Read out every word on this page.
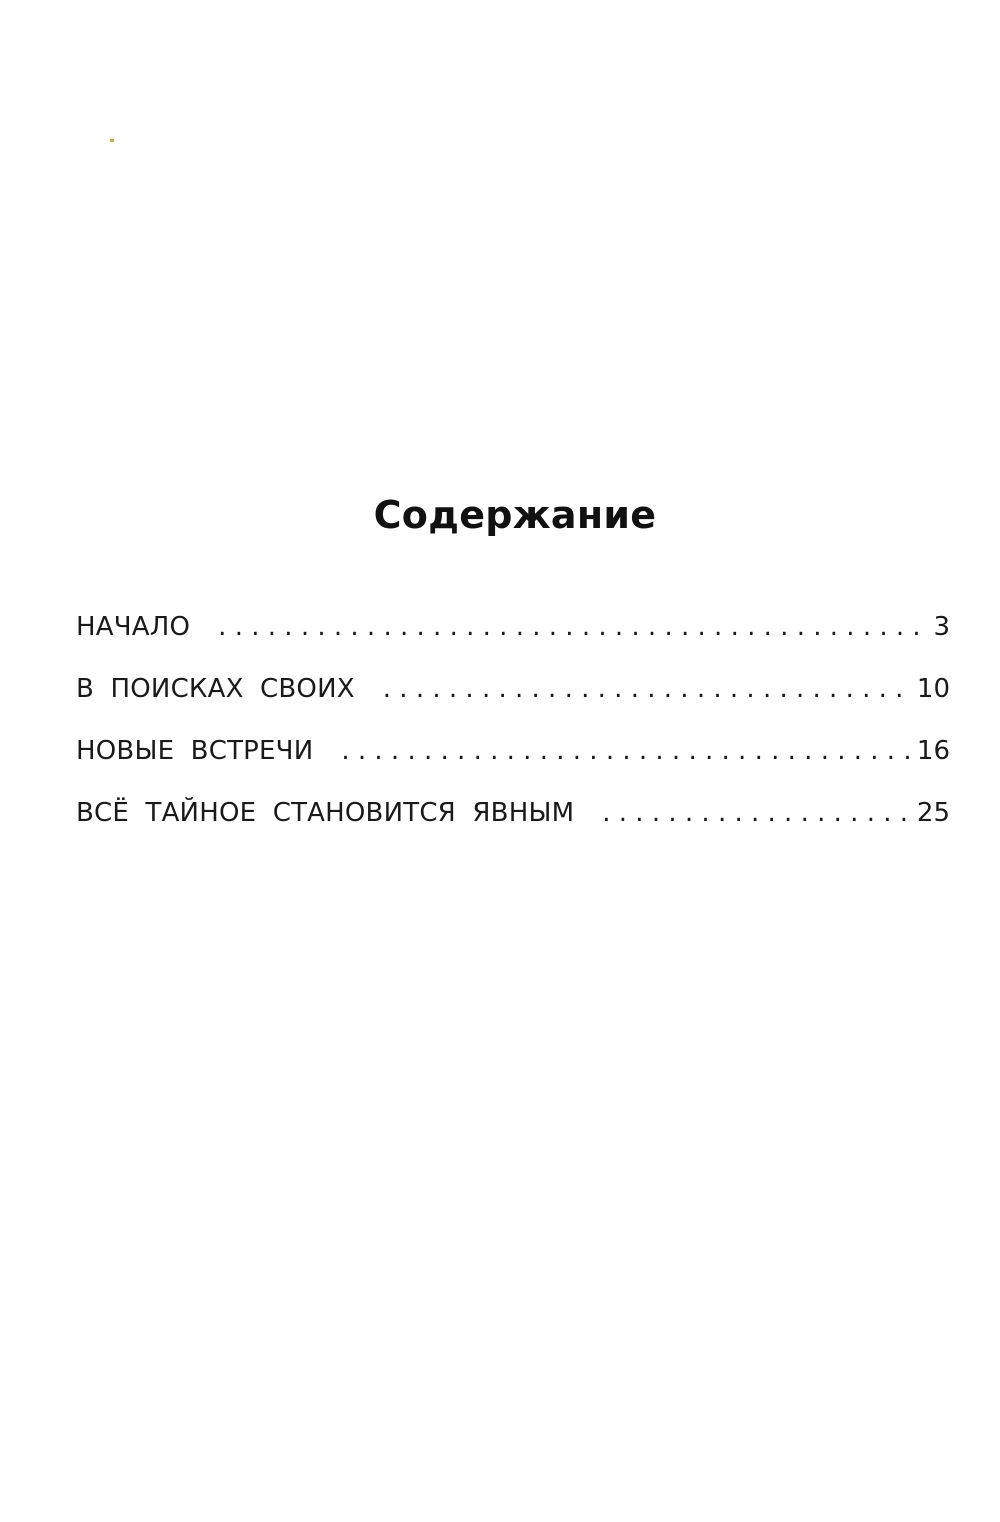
Содержание
НАЧАЛО . . .	3
В ПОИСКАХ СВОИХ . . .	10
НОВЫЕ ВСТРЕЧИ . . .	16
ВСЁ ТАЙНОЕ СТАНОВИТСЯ ЯВНЫМ . . .	25
